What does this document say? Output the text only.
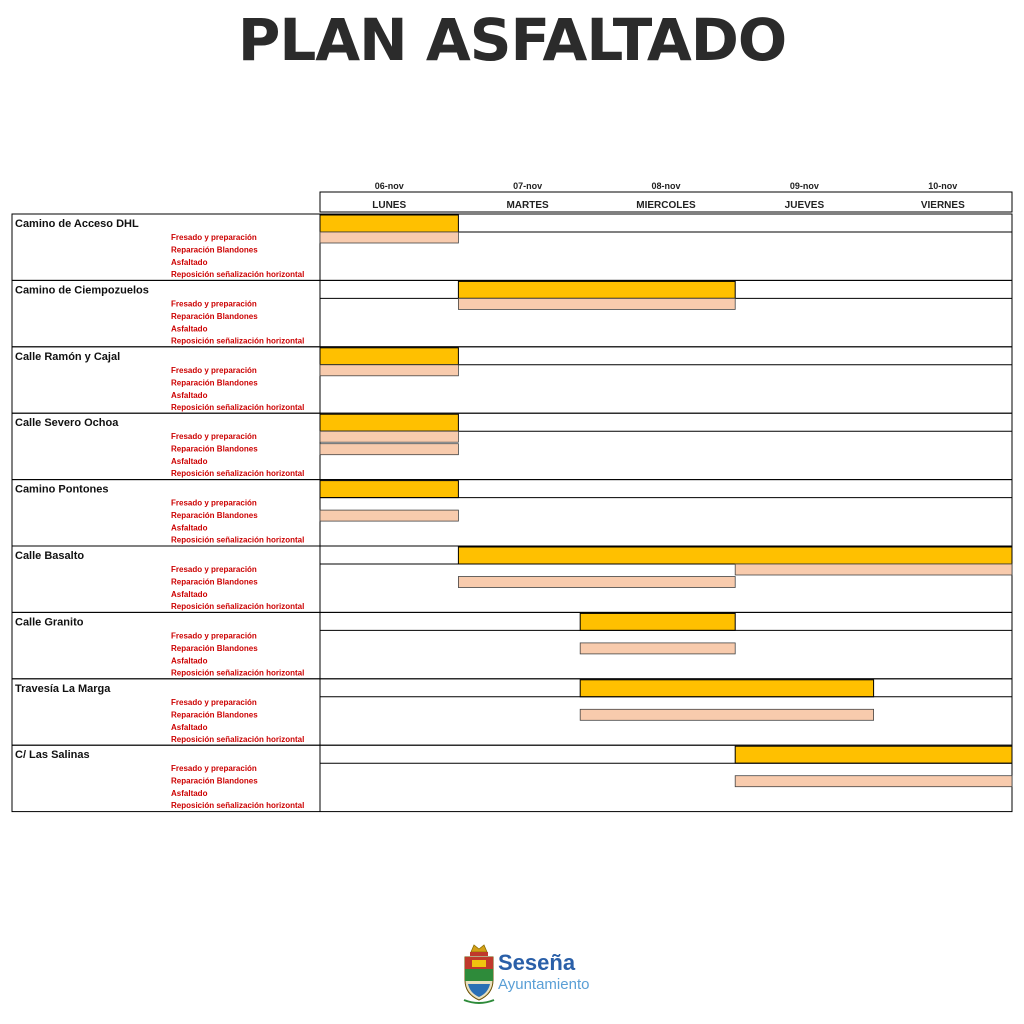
PLAN ASFALTADO
06-nov
LUNES
07-nov
MARTES
08-nov
MIERCOLES
09-nov
JUEVES
10-nov
VIERNES
Camino de Acceso DHL
Fresado y preparación
Reparación Blandones
Asfaltado
Reposición señalización horizontal
Camino de Ciempozuelos
Fresado y preparación
Reparación Blandones
Asfaltado
Reposición señalización horizontal
Calle Ramón y Cajal
Fresado y preparación
Reparación Blandones
Asfaltado
Reposición señalización horizontal
Calle Severo Ochoa
Fresado y preparación
Reparación Blandones
Asfaltado
Reposición señalización horizontal
Camino Pontones
Fresado y preparación
Reparación Blandones
Asfaltado
Reposición señalización horizontal
Calle Basalto
Fresado y preparación
Reparación Blandones
Asfaltado
Reposición señalización horizontal
Calle Granito
Fresado y preparación
Reparación Blandones
Asfaltado
Reposición señalización horizontal
Travesía La Marga
Fresado y preparación
Reparación Blandones
Asfaltado
Reposición señalización horizontal
C/ Las Salinas
Fresado y preparación
Reparación Blandones
Asfaltado
Reposición señalización horizontal
Seseña
Ayuntamiento
